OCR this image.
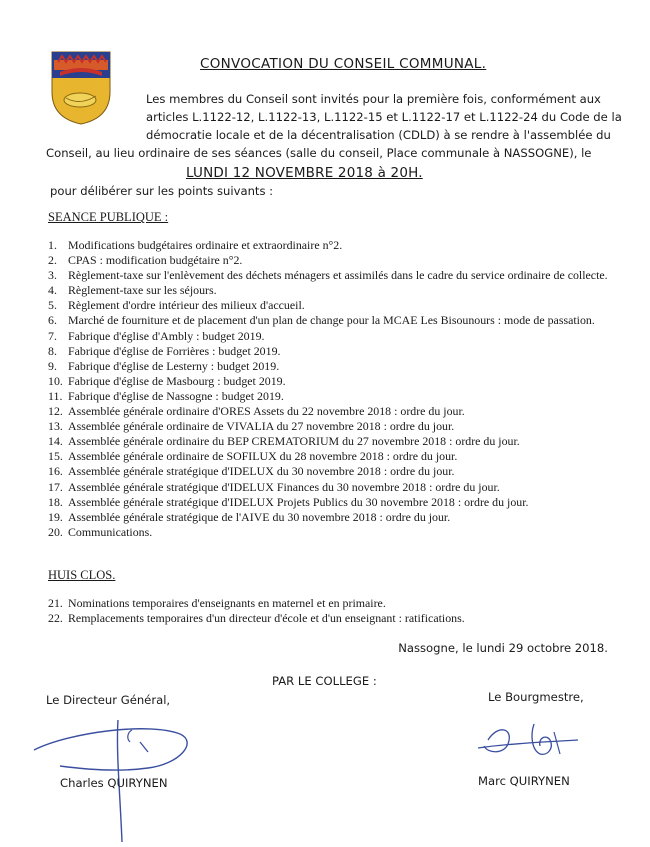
CONVOCATION DU CONSEIL COMMUNAL.
Les membres du Conseil sont invités pour la première fois, conformément aux
articles L.1122-12, L.1122-13, L.1122-15 et L.1122-17 et L.1122-24 du Code de la
démocratie locale et de la décentralisation (CDLD) à se rendre à l'assemblée du
Conseil, au lieu ordinaire de ses séances (salle du conseil, Place communale à NASSOGNE), le
LUNDI 12 NOVEMBRE 2018 à 20H.
pour délibérer sur les points suivants :
SEANCE PUBLIQUE :
1. Modifications budgétaires ordinaire et extraordinaire n°2.
2. CPAS : modification budgétaire n°2.
3. Règlement-taxe sur l'enlèvement des déchets ménagers et assimilés dans le cadre du service ordinaire de collecte.
4. Règlement-taxe sur les séjours.
5. Règlement d'ordre intérieur des milieux d'accueil.
6. Marché de fourniture et de placement d'un plan de change pour la MCAE Les Bisounours : mode de passation.
7. Fabrique d'église d'Ambly : budget 2019.
8. Fabrique d'église de Forrières : budget 2019.
9. Fabrique d'église de Lesterny : budget 2019.
10. Fabrique d'église de Masbourg : budget 2019.
11. Fabrique d'église de Nassogne : budget 2019.
12. Assemblée générale ordinaire d'ORES Assets du 22 novembre 2018 : ordre du jour.
13. Assemblée générale ordinaire de VIVALIA du 27 novembre 2018 : ordre du jour.
14. Assemblée générale ordinaire du BEP CREMATORIUM du 27 novembre 2018 : ordre du jour.
15. Assemblée générale ordinaire de SOFILUX du 28 novembre 2018 : ordre du jour.
16. Assemblée générale stratégique d'IDELUX du 30 novembre 2018 : ordre du jour.
17. Assemblée générale stratégique d'IDELUX Finances du 30 novembre 2018 : ordre du jour.
18. Assemblée générale stratégique d'IDELUX Projets Publics du 30 novembre 2018 : ordre du jour.
19. Assemblée générale stratégique de l'AIVE du 30 novembre 2018 : ordre du jour.
20. Communications.
HUIS CLOS.
21. Nominations temporaires d'enseignants en maternel et en primaire.
22. Remplacements temporaires d'un directeur d'école et d'un enseignant : ratifications.
Nassogne, le lundi 29 octobre 2018.
PAR LE COLLEGE :
Le Directeur Général,	Le Bourgmestre,
Charles QUIRYNEN	Marc QUIRYNEN
